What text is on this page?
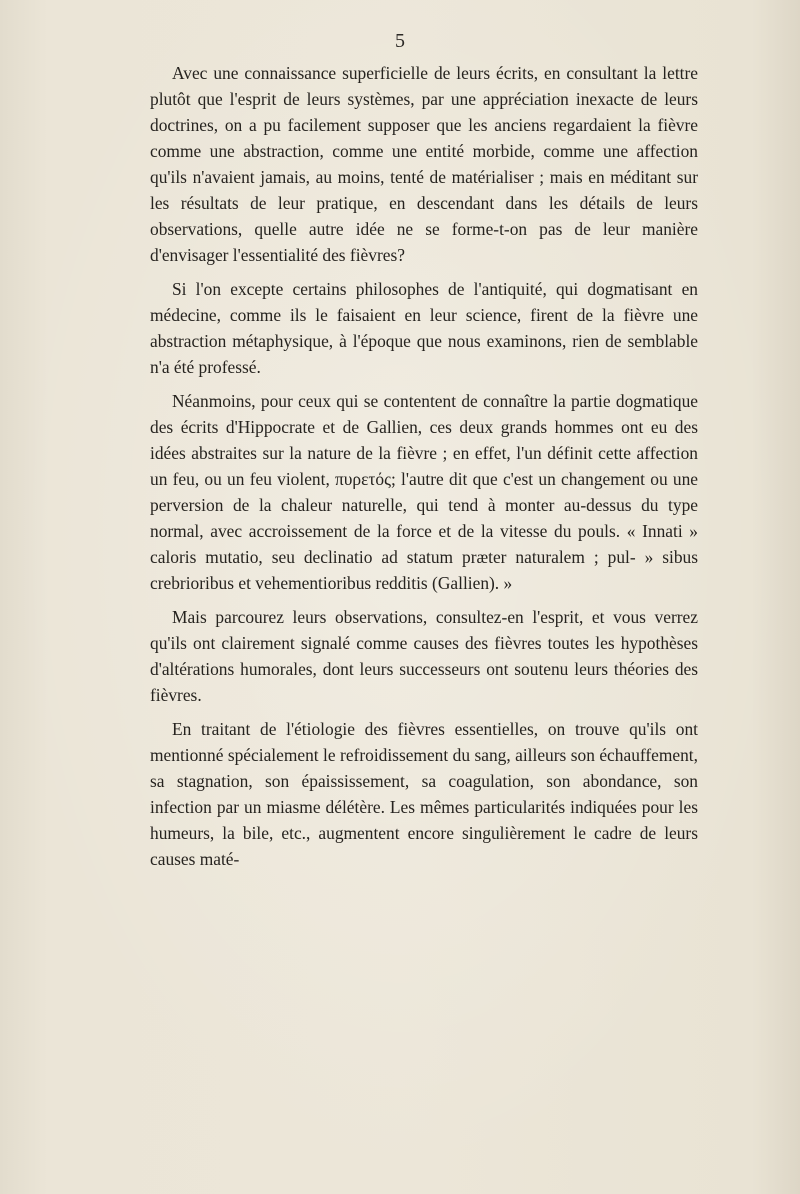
5

Avec une connaissance superficielle de leurs écrits, en consultant la lettre plutôt que l'esprit de leurs systèmes, par une appréciation inexacte de leurs doctrines, on a pu facilement supposer que les anciens regardaient la fièvre comme une abstraction, comme une entité morbide, comme une affection qu'ils n'avaient jamais, au moins, tenté de matérialiser ; mais en méditant sur les résultats de leur pratique, en descendant dans les détails de leurs observations, quelle autre idée ne se forme-t-on pas de leur manière d'envisager l'essentialité des fièvres?

Si l'on excepte certains philosophes de l'antiquité, qui dogmatisant en médecine, comme ils le faisaient en leur science, firent de la fièvre une abstraction métaphysique, à l'époque que nous examinons, rien de semblable n'a été professé.

Néanmoins, pour ceux qui se contentent de connaître la partie dogmatique des écrits d'Hippocrate et de Gallien, ces deux grands hommes ont eu des idées abstraites sur la nature de la fièvre ; en effet, l'un définit cette affection un feu, ou un feu violent, πυρετός; l'autre dit que c'est un changement ou une perversion de la chaleur naturelle, qui tend à monter au-dessus du type normal, avec accroissement de la force et de la vitesse du pouls. « Innati » caloris mutatio, seu declinatio ad statum præter naturalem ; pul- » sibus crebrioribus et vehementioribus redditis (Gallien). »

Mais parcourez leurs observations, consultez-en l'esprit, et vous verrez qu'ils ont clairement signalé comme causes des fièvres toutes les hypothèses d'altérations humorales, dont leurs successeurs ont soutenu leurs théories des fièvres.

En traitant de l'étiologie des fièvres essentielles, on trouve qu'ils ont mentionné spécialement le refroidissement du sang, ailleurs son échauffement, sa stagnation, son épaississement, sa coagulation, son abondance, son infection par un miasme délétère. Les mêmes particularités indiquées pour les humeurs, la bile, etc., augmentent encore singulièrement le cadre de leurs causes maté-
